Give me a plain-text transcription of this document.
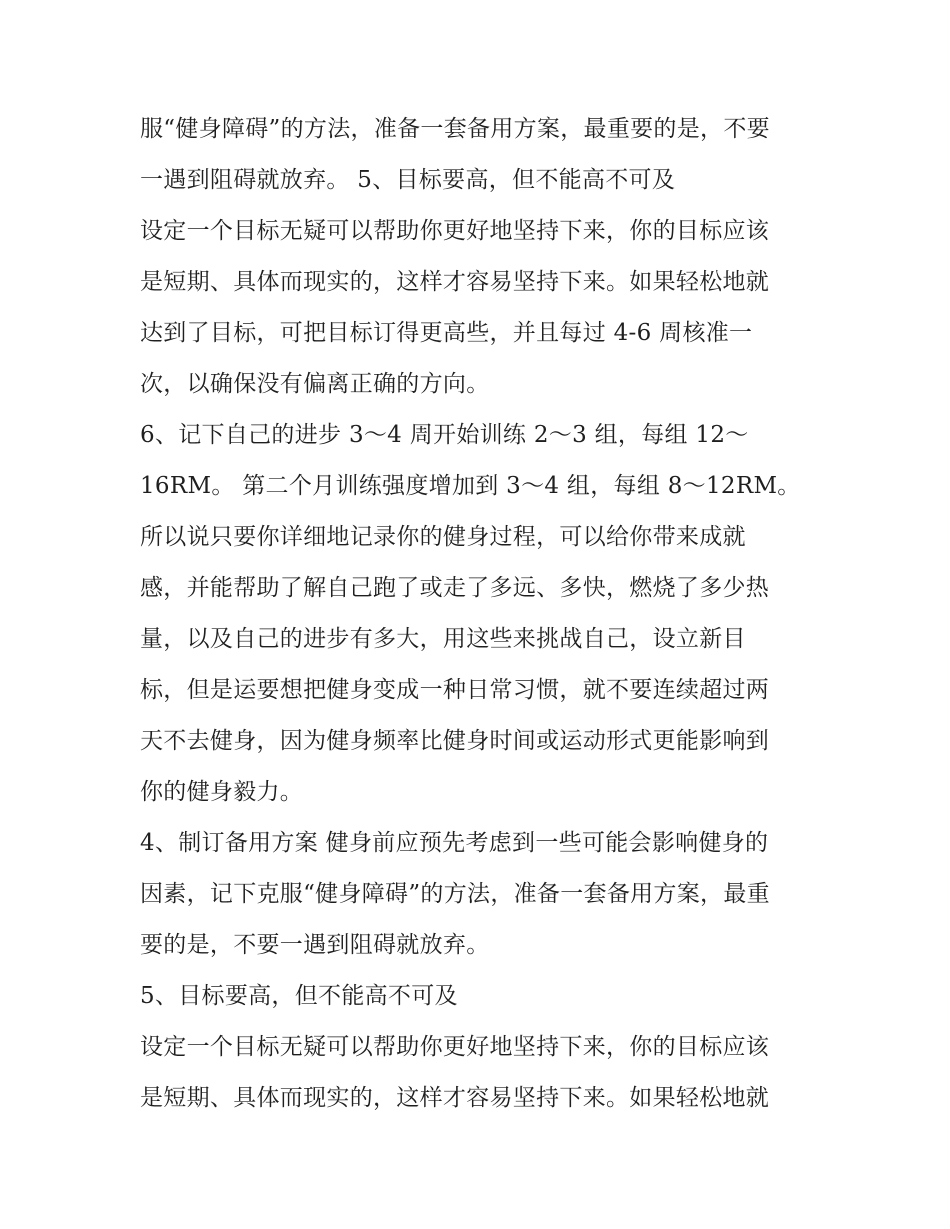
服“健身障碍”的方法，准备一套备用方案，最重要的是，不要
一遇到阻碍就放弃。 5、目标要高，但不能高不可及
设定一个目标无疑可以帮助你更好地坚持下来，你的目标应该
是短期、具体而现实的，这样才容易坚持下来。如果轻松地就
达到了目标，可把目标订得更高些，并且每过 4-6 周核准一
次，以确保没有偏离正确的方向。
6、记下自己的进步 3～4 周开始训练 2～3 组，每组 12～
16RM。 第二个月训练强度增加到 3～4 组，每组 8～12RM。
所以说只要你详细地记录你的健身过程，可以给你带来成就
感，并能帮助了解自己跑了或走了多远、多快，燃烧了多少热
量，以及自己的进步有多大，用这些来挑战自己，设立新目
标，但是运要想把健身变成一种日常习惯，就不要连续超过两
天不去健身，因为健身频率比健身时间或运动形式更能影响到
你的健身毅力。
4、制订备用方案 健身前应预先考虑到一些可能会影响健身的
因素，记下克服“健身障碍”的方法，准备一套备用方案，最重
要的是，不要一遇到阻碍就放弃。
5、目标要高，但不能高不可及
设定一个目标无疑可以帮助你更好地坚持下来，你的目标应该
是短期、具体而现实的，这样才容易坚持下来。如果轻松地就
